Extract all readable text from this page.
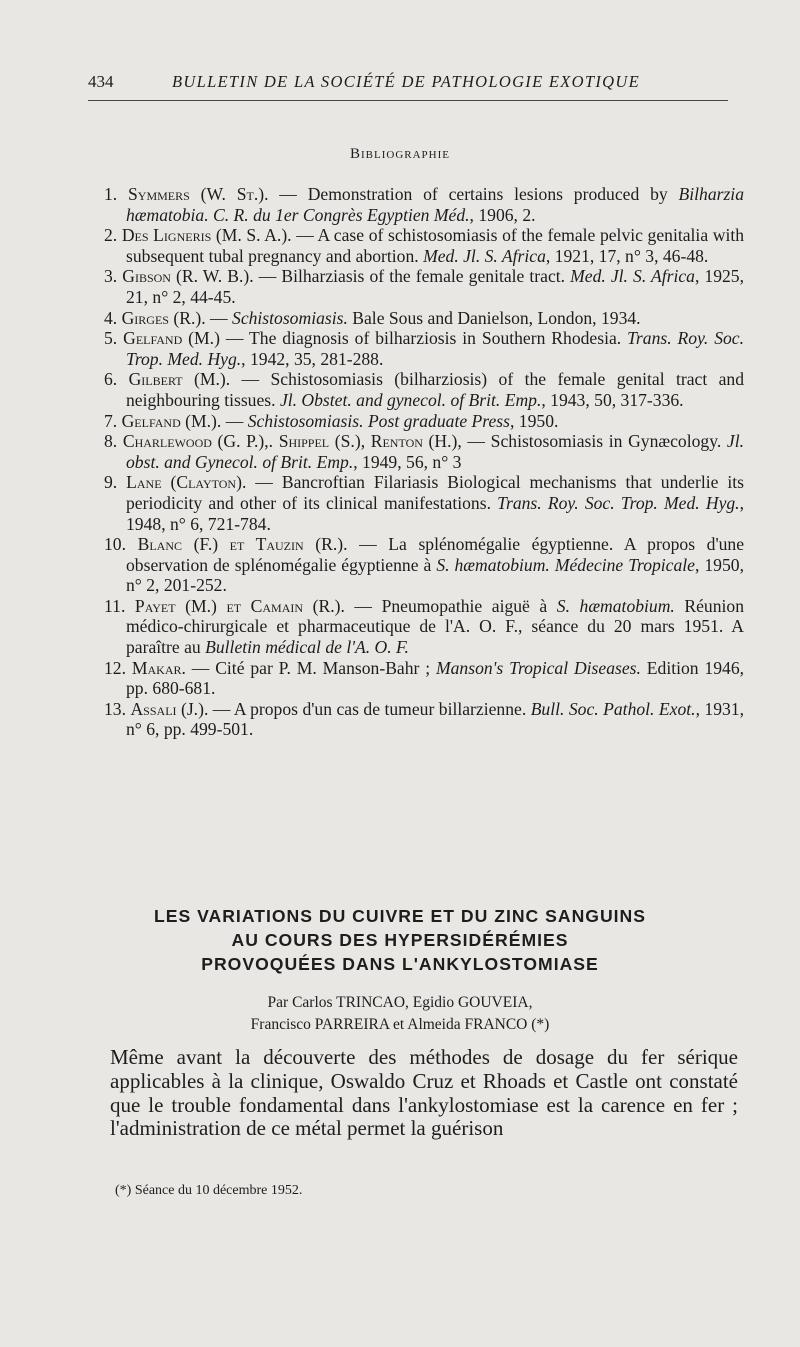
434	BULLETIN DE LA SOCIÉTÉ DE PATHOLOGIE EXOTIQUE
Bibliographie
1. Symmers (W. St.). — Demonstration of certains lesions produced by Bilharzia hæmatobia. C. R. du 1er Congrès Egyptien Méd., 1906, 2.
2. Des Ligneris (M. S. A.). — A case of schistosomiasis of the female pelvic genitalia with subsequent tubal pregnancy and abortion. Med. Jl. S. Africa, 1921, 17, n° 3, 46-48.
3. Gibson (R. W. B.). — Bilharziasis of the female genitale tract. Med. Jl. S. Africa, 1925, 21, n° 2, 44-45.
4. Girges (R.). — Schistosomiasis. Bale Sous and Danielson, London, 1934.
5. Gelfand (M.) — The diagnosis of bilharziosis in Southern Rhodesia. Trans. Roy. Soc. Trop. Med. Hyg., 1942, 35, 281-288.
6. Gilbert (M.). — Schistosomiasis (bilharziosis) of the female genital tract and neighbouring tissues. Jl. Obstet. and gynecol. of Brit. Emp., 1943, 50, 317-336.
7. Gelfand (M.). — Schistosomiasis. Post graduate Press, 1950.
8. Charlewood (G. P.),. Shippel (S.), Renton (H.), — Schistosomiasis in Gynæcology. Jl. obst. and Gynecol. of Brit. Emp., 1949, 56, n° 3
9. Lane (Clayton). — Bancroftian Filariasis Biological mechanisms that underlie its periodicity and other of its clinical manifestations. Trans. Roy. Soc. Trop. Med. Hyg., 1948, n° 6, 721-784.
10. Blanc (F.) et Tauzin (R.). — La splénomégalie égyptienne. A propos d'une observation de splénomégalie égyptienne à S. hæmatobium. Médecine Tropicale, 1950, n° 2, 201-252.
11. Payet (M.) et Camain (R.). — Pneumopathie aiguë à S. hæmatobium. Réunion médico-chirurgicale et pharmaceutique de l'A. O. F., séance du 20 mars 1951. A paraître au Bulletin médical de l'A. O. F.
12. Makar. — Cité par P. M. Manson-Bahr ; Manson's Tropical Diseases. Edition 1946, pp. 680-681.
13. Assali (J.). — A propos d'un cas de tumeur billarzienne. Bull. Soc. Pathol. Exot., 1931, n° 6, pp. 499-501.
LES VARIATIONS DU CUIVRE ET DU ZINC SANGUINS
AU COURS DES HYPERSIDÉRÉMIES
PROVOQUÉES DANS L'ANKYLOSTOMIASE
Par Carlos TRINCAO, Egidio GOUVEIA,
Francisco PARREIRA et Almeida FRANCO (*)
Même avant la découverte des méthodes de dosage du fer sérique applicables à la clinique, Oswaldo Cruz et Rhoads et Castle ont constaté que le trouble fondamental dans l'ankylostomiase est la carence en fer ; l'administration de ce métal permet la guérison
(*) Séance du 10 décembre 1952.
